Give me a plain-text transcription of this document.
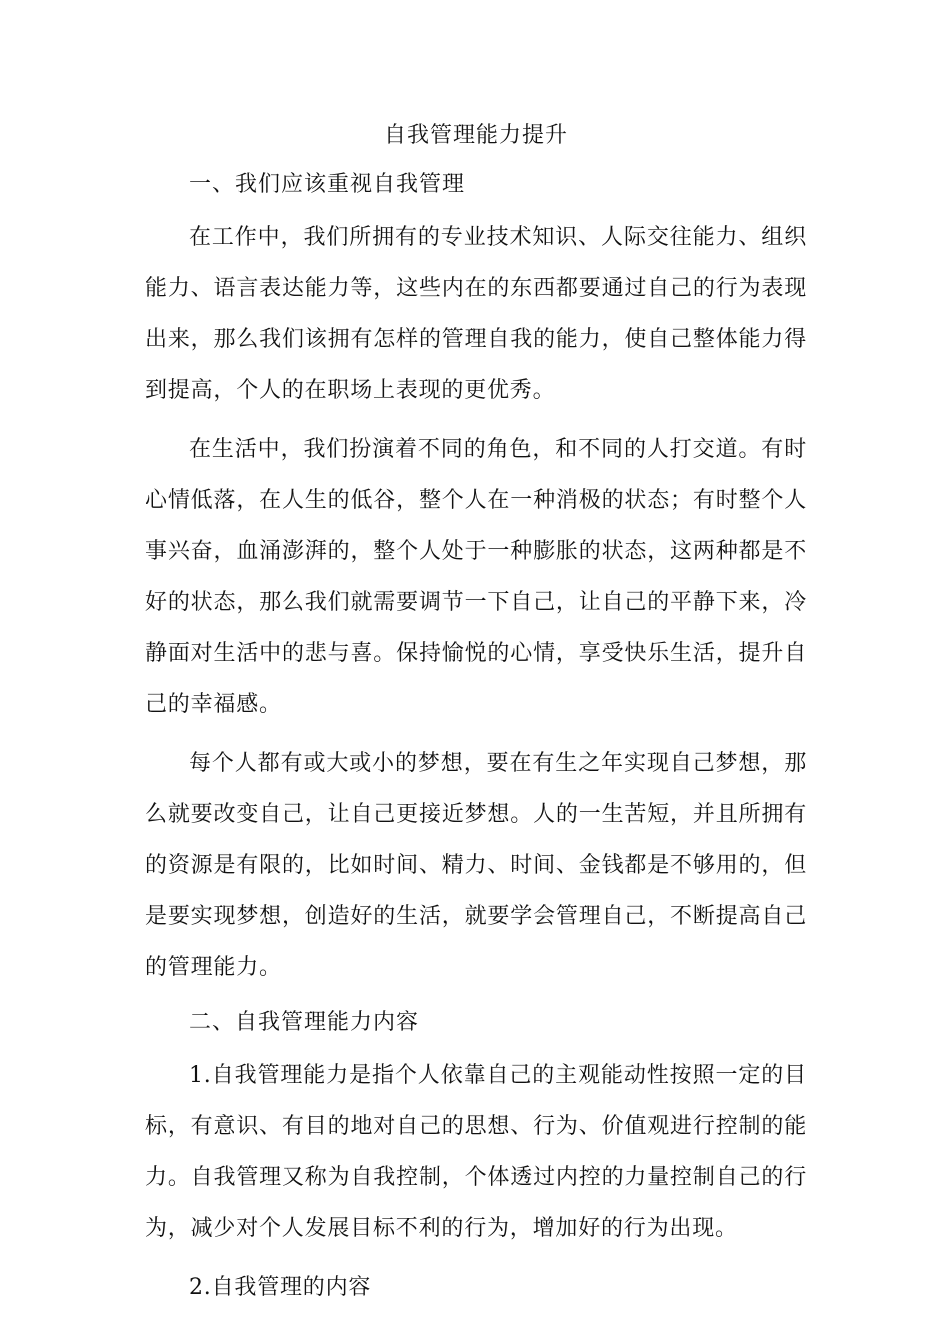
自我管理能力提升
一、我们应该重视自我管理

在工作中，我们所拥有的专业技术知识、人际交往能力、组织能力、语言表达能力等，这些内在的东西都要通过自己的行为表现出来，那么我们该拥有怎样的管理自我的能力，使自己整体能力得到提高，个人的在职场上表现的更优秀。

在生活中，我们扮演着不同的角色，和不同的人打交道。有时心情低落，在人生的低谷，整个人在一种消极的状态；有时整个人事兴奋，血涌澎湃的，整个人处于一种膨胀的状态，这两种都是不好的状态，那么我们就需要调节一下自己，让自己的平静下来，冷静面对生活中的悲与喜。保持愉悦的心情，享受快乐生活，提升自己的幸福感。

每个人都有或大或小的梦想，要在有生之年实现自己梦想，那么就要改变自己，让自己更接近梦想。人的一生苦短，并且所拥有的资源是有限的，比如时间、精力、时间、金钱都是不够用的，但是要实现梦想，创造好的生活，就要学会管理自己，不断提高自己的管理能力。

二、自我管理能力内容

1.自我管理能力是指个人依靠自己的主观能动性按照一定的目标，有意识、有目的地对自己的思想、行为、价值观进行控制的能力。自我管理又称为自我控制，个体透过内控的力量控制自己的行为，减少对个人发展目标不利的行为，增加好的行为出现。

2.自我管理的内容
